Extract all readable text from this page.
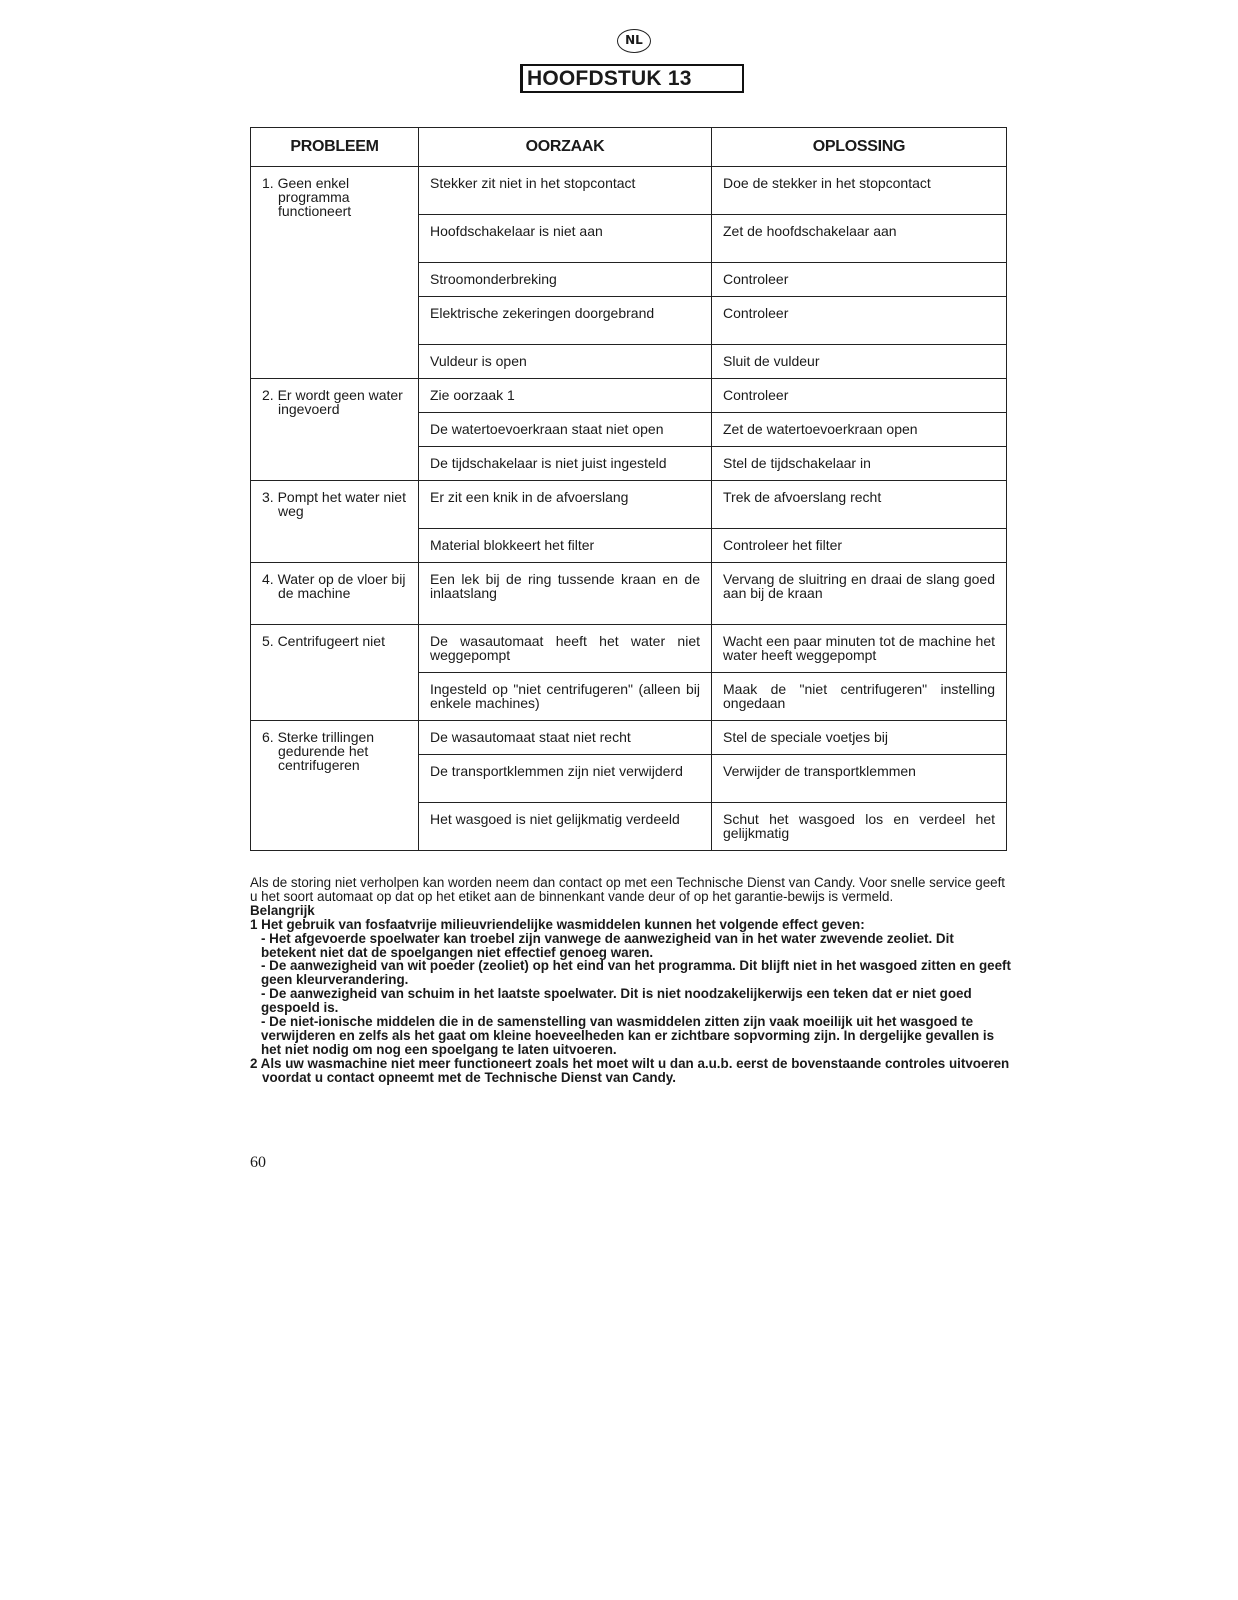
NL
HOOFDSTUK 13
PROBLEEM	OORZAAK	OPLOSSING

1. Geen enkel programma functioneert	Stekker zit niet in het stopcontact	Doe de stekker in het stopcontact
	Hoofdschakelaar is niet aan	Zet de hoofdschakelaar aan
	Stroomonderbreking	Controleer
	Elektrische zekeringen doorgebrand	Controleer
	Vuldeur is open	Sluit de vuldeur

2. Er wordt geen water ingevoerd	Zie oorzaak 1	Controleer
	De watertoevoerkraan staat niet open	Zet de watertoevoerkraan open
	De tijdschakelaar is niet juist ingesteld	Stel de tijdschakelaar in

3. Pompt het water niet weg	Er zit een knik in de afvoerslang	Trek de afvoerslang recht
	Material blokkeert het filter	Controleer het filter

4. Water op de vloer bij de machine	Een lek bij de ring tussende kraan en de inlaatslang	Vervang de sluitring en draai de slang goed aan bij de kraan

5. Centrifugeert niet	De wasautomaat heeft het water niet weggepompt	Wacht een paar minuten tot de machine het water heeft weggepompt
	Ingesteld op "niet centrifugeren" (alleen bij enkele machines)	Maak de "niet centrifugeren" instelling ongedaan

6. Sterke trillingen gedurende het centrifugeren	De wasautomaat staat niet recht	Stel de speciale voetjes bij
	De transportklemmen zijn niet verwijderd	Verwijder de transportklemmen
	Het wasgoed is niet gelijkmatig verdeeld	Schut het wasgoed los en verdeel het gelijkmatig

Als de storing niet verholpen kan worden neem dan contact op met een Technische Dienst van Candy. Voor snelle service geeft u het soort automaat op dat op het etiket aan de binnenkant vande deur of op het garantie-bewijs is vermeld.

Belangrijk

1 Het gebruik van fosfaatvrije milieuvriendelijke wasmiddelen kunnen het volgende effect geven:

- Het afgevoerde spoelwater kan troebel zijn vanwege de aanwezigheid van in het water zwevende zeoliet. Dit betekent niet dat de spoelgangen niet effectief genoeg waren.

- De aanwezigheid van wit poeder (zeoliet) op het eind van het programma. Dit blijft niet in het wasgoed zitten en geeft geen kleurverandering.

- De aanwezigheid van schuim in het laatste spoelwater. Dit is niet noodzakelijkerwijs een teken dat er niet goed gespoeld is.

- De niet-ionische middelen die in de samenstelling van wasmiddelen zitten zijn vaak moeilijk uit het wasgoed te verwijderen en zelfs als het gaat om kleine hoeveelheden kan er zichtbare sopvorming zijn. In dergelijke gevallen is het niet nodig om nog een spoelgang te laten uitvoeren.

2 Als uw wasmachine niet meer functioneert zoals het moet wilt u dan a.u.b. eerst de bovenstaande controles uitvoeren voordat u contact opneemt met de Technische Dienst van Candy.

60
